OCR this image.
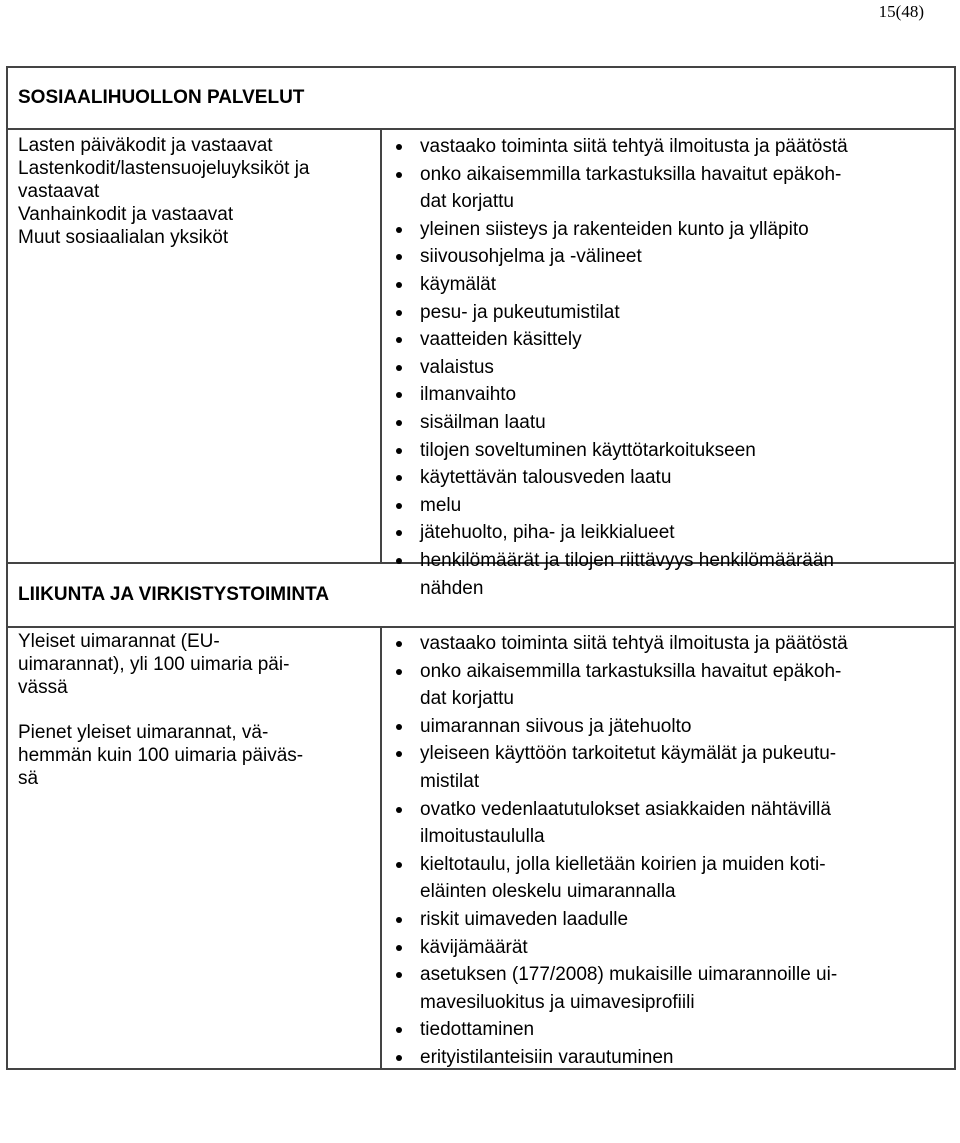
15(48)
SOSIAALIHUOLLON PALVELUT
Lasten päiväkodit ja vastaavat
Lastenkodit/lastensuojeluyksiköt ja
vastaavat
Vanhainkodit ja vastaavat
Muut sosiaalialan yksiköt
vastaako toiminta siitä tehtyä ilmoitusta ja päätöstä
onko aikaisemmilla tarkastuksilla havaitut epäkoh-
dat korjattu
yleinen siisteys ja rakenteiden kunto ja ylläpito
siivousohjelma ja -välineet
käymälät
pesu- ja pukeutumistilat
vaatteiden käsittely
valaistus
ilmanvaihto
sisäilman laatu
tilojen soveltuminen käyttötarkoitukseen
käytettävän talousveden laatu
melu
jätehuolto, piha- ja leikkialueet
henkilömäärät ja tilojen riittävyys henkilömäärään
nähden
LIIKUNTA JA VIRKISTYSTOIMINTA
Yleiset uimarannat (EU-
uimarannat), yli 100 uimaria päi-
vässä
Pienet yleiset uimarannat, vä-
hemmän kuin 100 uimaria päiväs-
sä
vastaako toiminta siitä tehtyä ilmoitusta ja päätöstä
onko aikaisemmilla tarkastuksilla havaitut epäkoh-
dat korjattu
uimarannan siivous ja jätehuolto
yleiseen käyttöön tarkoitetut käymälät ja pukeutu-
mistilat
ovatko vedenlaatutulokset asiakkaiden nähtävillä
ilmoitustaululla
kieltotaulu, jolla kielletään koirien ja muiden koti-
eläinten oleskelu uimarannalla
riskit uimaveden laadulle
kävijämäärät
asetuksen (177/2008) mukaisille uimarannoille ui-
mavesiluokitus ja uimavesiprofiili
tiedottaminen
erityistilanteisiin varautuminen
